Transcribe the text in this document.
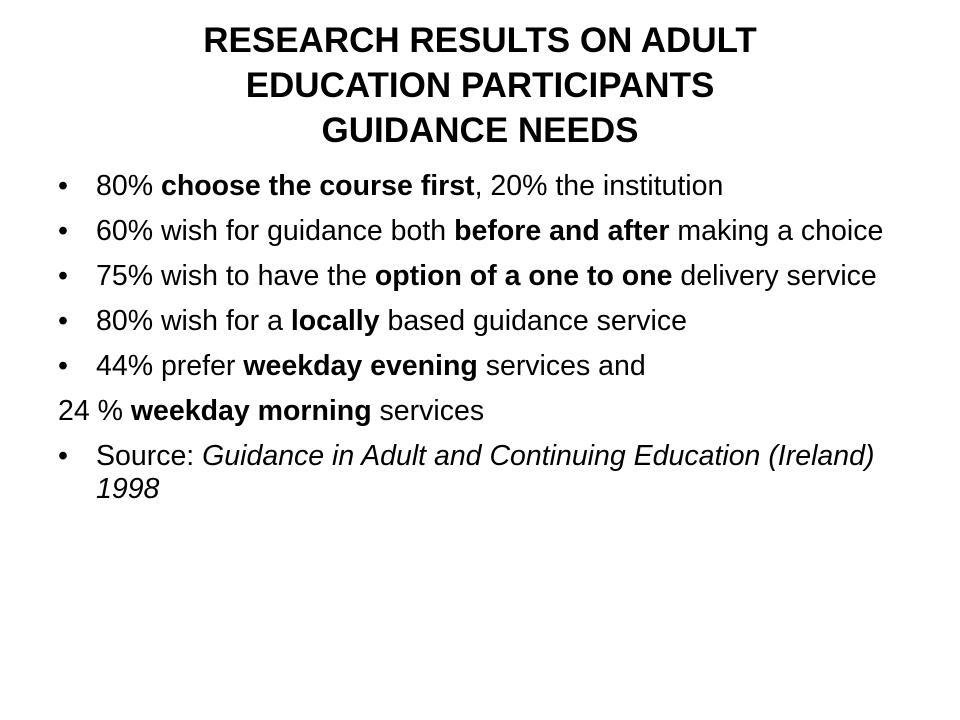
RESEARCH RESULTS ON ADULT
EDUCATION PARTICIPANTS
GUIDANCE NEEDS
• 80% choose the course first, 20% the institution
• 60% wish for guidance both before and after making a choice
• 75% wish to have the option of a one to one delivery service
• 80% wish for a locally based guidance service
• 44% prefer weekday evening services and
24 % weekday morning services
• Source: Guidance in Adult and Continuing Education (Ireland) 1998
